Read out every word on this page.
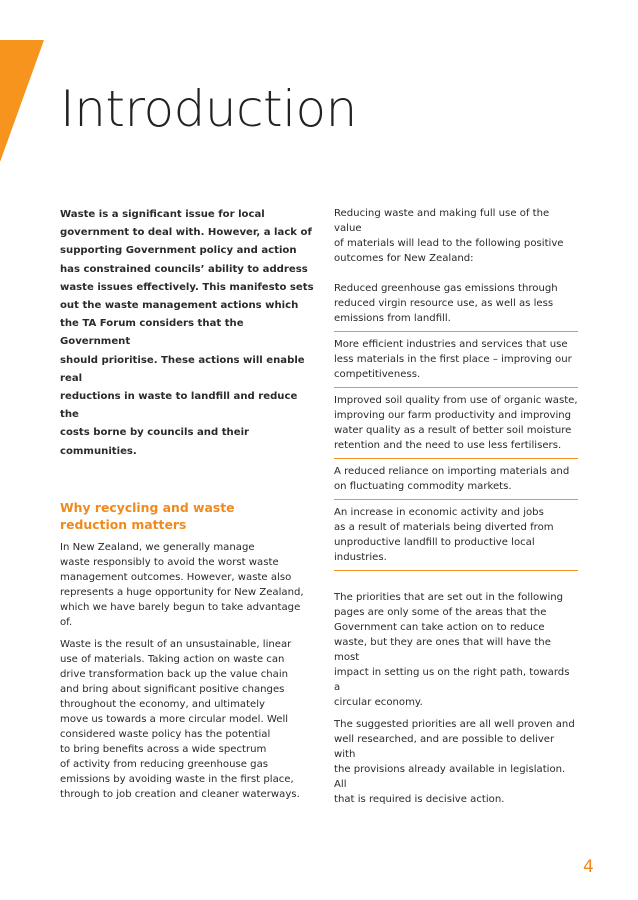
Introduction

Waste is a significant issue for local
government to deal with. However, a lack of
supporting Government policy and action
has constrained councils’ ability to address
waste issues effectively. This manifesto sets
out the waste management actions which
the TA Forum considers that the Government
should prioritise. These actions will enable real
reductions in waste to landfill and reduce the
costs borne by councils and their communities.

Why recycling and waste
reduction matters

In New Zealand, we generally manage
waste responsibly to avoid the worst waste
management outcomes. However, waste also
represents a huge opportunity for New Zealand,
which we have barely begun to take advantage of.

Waste is the result of an unsustainable, linear
use of materials. Taking action on waste can
drive transformation back up the value chain
and bring about significant positive changes
throughout the economy, and ultimately
move us towards a more circular model. Well
considered waste policy has the potential
to bring benefits across a wide spectrum
of activity from reducing greenhouse gas
emissions by avoiding waste in the first place,
through to job creation and cleaner waterways.

Reducing waste and making full use of the value
of materials will lead to the following positive
outcomes for New Zealand:

Reduced greenhouse gas emissions through
reduced virgin resource use, as well as less
emissions from landfill.
More efficient industries and services that use
less materials in the first place – improving our
competitiveness.
Improved soil quality from use of organic waste,
improving our farm productivity and improving
water quality as a result of better soil moisture
retention and the need to use less fertilisers.
A reduced reliance on importing materials and
on fluctuating commodity markets.
An increase in economic activity and jobs
as a result of materials being diverted from
unproductive landfill to productive local
industries.

The priorities that are set out in the following
pages are only some of the areas that the
Government can take action on to reduce
waste, but they are ones that will have the most
impact in setting us on the right path, towards a
circular economy.

The suggested priorities are all well proven and
well researched, and are possible to deliver with
the provisions already available in legislation. All
that is required is decisive action.

4
